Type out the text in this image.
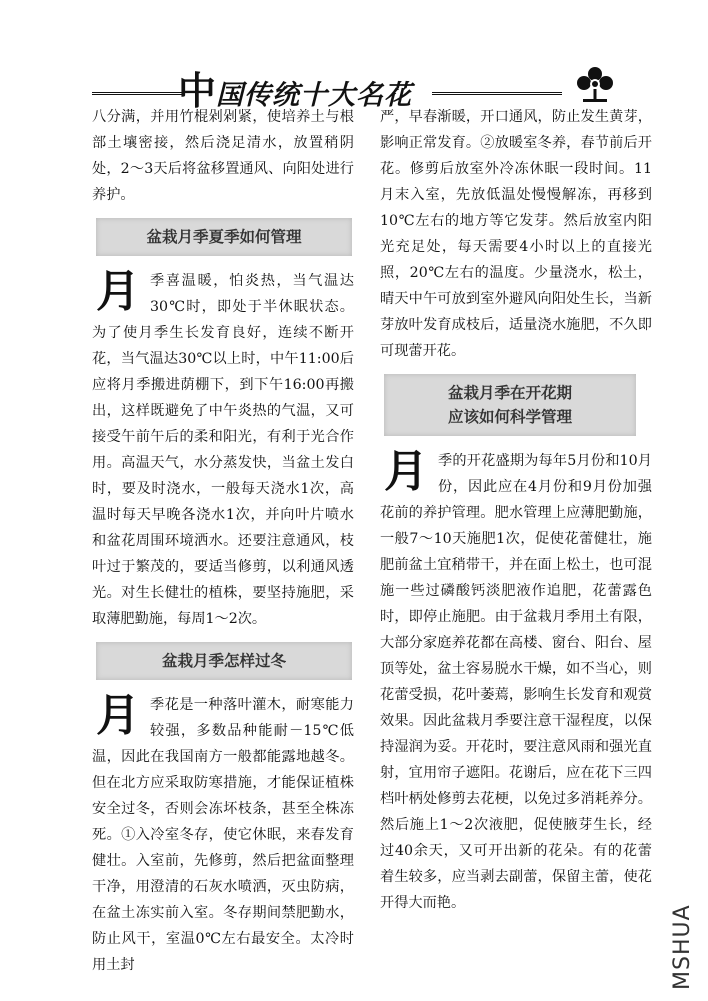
中国传统十大名花

八分满，并用竹棍剁剁紧，使培养土与根部土壤密接，然后浇足清水，放置稍阴处，2～3天后将盆移置通风、向阳处进行养护。

盆栽月季夏季如何管理

月 季喜温暖，怕炎热，当气温达30℃时，即处于半休眠状态。为了使月季生长发育良好，连续不断开花，当气温达30℃以上时，中午11:00后应将月季搬进荫棚下，到下午16:00再搬出，这样既避免了中午炎热的气温，又可接受午前午后的柔和阳光，有利于光合作用。高温天气，水分蒸发快，当盆土发白时，要及时浇水，一般每天浇水1次，高温时每天早晚各浇水1次，并向叶片喷水和盆花周围环境洒水。还要注意通风，枝叶过于繁茂的，要适当修剪，以利通风透光。对生长健壮的植株，要坚持施肥，采取薄肥勤施，每周1～2次。

盆栽月季怎样过冬

月 季花是一种落叶灌木，耐寒能力较强，多数品种能耐－15℃低温，因此在我国南方一般都能露地越冬。但在北方应采取防寒措施，才能保证植株安全过冬，否则会冻坏枝条，甚至全株冻死。①入冷室冬存，使它休眠，来春发育健壮。入室前，先修剪，然后把盆面整理干净，用澄清的石灰水喷洒，灭虫防病，在盆土冻实前入室。冬存期间禁肥勤水，防止风干，室温0℃左右最安全。太冷时用土封

严，早春渐暖，开口通风，防止发生黄芽，影响正常发育。②放暖室冬养，春节前后开花。修剪后放室外冷冻休眠一段时间。11月末入室，先放低温处慢慢解冻，再移到10℃左右的地方等它发芽。然后放室内阳光充足处，每天需要4小时以上的直接光照，20℃左右的温度。少量浇水，松土，晴天中午可放到室外避风向阳处生长，当新芽放叶发育成枝后，适量浇水施肥，不久即可现蕾开花。

盆栽月季在开花期
应该如何科学管理

月 季的开花盛期为每年5月份和10月份，因此应在4月份和9月份加强花前的养护管理。肥水管理上应薄肥勤施，一般7～10天施肥1次，促使花蕾健壮，施肥前盆土宜稍带干，并在面上松土，也可混施一些过磷酸钙淡肥液作追肥，花蕾露色时，即停止施肥。由于盆栽月季用土有限，大部分家庭养花都在高楼、窗台、阳台、屋顶等处，盆土容易脱水干燥，如不当心，则花蕾受损，花叶萎蔫，影响生长发育和观赏效果。因此盆栽月季要注意干湿程度，以保持湿润为妥。开花时，要注意风雨和强光直射，宜用帘子遮阳。花谢后，应在花下三四档叶柄处修剪去花梗，以免过多消耗养分。然后施上1～2次液肥，促使腋芽生长，经过40余天，又可开出新的花朵。有的花蕾着生较多，应当剥去副蕾，保留主蕾，使花开得大而艳。

MSHUA
